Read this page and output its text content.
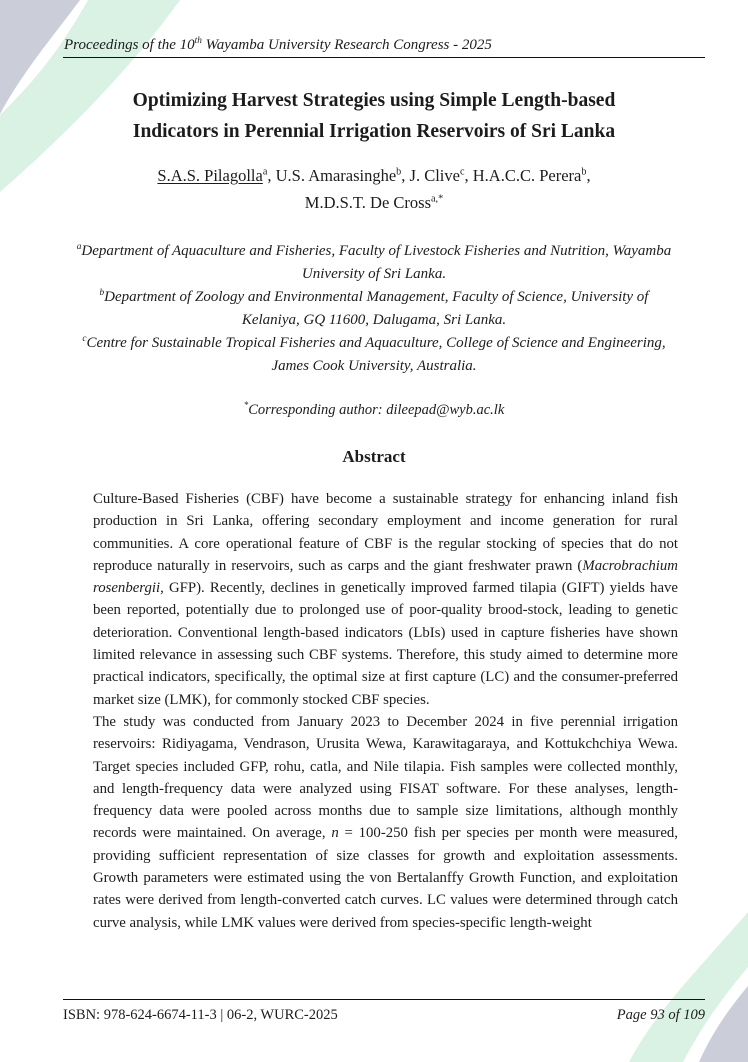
Proceedings of the 10th Wayamba University Research Congress - 2025
Optimizing Harvest Strategies using Simple Length-based
Indicators in Perennial Irrigation Reservoirs of Sri Lanka
S.A.S. Pilagolla$^a$, U.S. Amarasinghe$^b$, J. Clive$^c$, H.A.C.C. Perera$^b$,
M.D.S.T. De Cross$^{a,*}$

$^a$Department of Aquaculture and Fisheries, Faculty of Livestock Fisheries and Nutrition, Wayamba University of Sri Lanka.

$^b$Department of Zoology and Environmental Management, Faculty of Science, University of Kelaniya, GQ 11600, Dalugama, Sri Lanka.

$^c$Centre for Sustainable Tropical Fisheries and Aquaculture, College of Science and Engineering, James Cook University, Australia.

*Corresponding author: dileepad@wyb.ac.lk
Abstract

Culture-Based Fisheries (CBF) have become a sustainable strategy for enhancing inland fish production in Sri Lanka, offering secondary employment and income generation for rural communities. A core operational feature of CBF is the regular stocking of species that do not reproduce naturally in reservoirs, such as carps and the giant freshwater prawn (Macrobrachium rosenbergii, GFP). Recently, declines in genetically improved farmed tilapia (GIFT) yields have been reported, potentially due to prolonged use of poor-quality brood-stock, leading to genetic deterioration. Conventional length-based indicators (LbIs) used in capture fisheries have shown limited relevance in assessing such CBF systems. Therefore, this study aimed to determine more practical indicators, specifically, the optimal size at first capture (LC) and the consumer-preferred market size (LMK), for commonly stocked CBF species.

The study was conducted from January 2023 to December 2024 in five perennial irrigation reservoirs: Ridiyagama, Vendrason, Urusita Wewa, Karawitagaraya, and Kottukchchiya Wewa. Target species included GFP, rohu, catla, and Nile tilapia. Fish samples were collected monthly, and length-frequency data were analyzed using FISAT software. For these analyses, length-frequency data were pooled across months due to sample size limitations, although monthly records were maintained. On average, n = 100-250 fish per species per month were measured, providing sufficient representation of size classes for growth and exploitation assessments. Growth parameters were estimated using the von Bertalanffy Growth Function, and exploitation rates were derived from length-converted catch curves. LC values were determined through catch curve analysis, while LMK values were derived from species-specific length-weight

ISBN: 978-624-6674-11-3 | 06-2, WURC-2025	Page 93 of 109
